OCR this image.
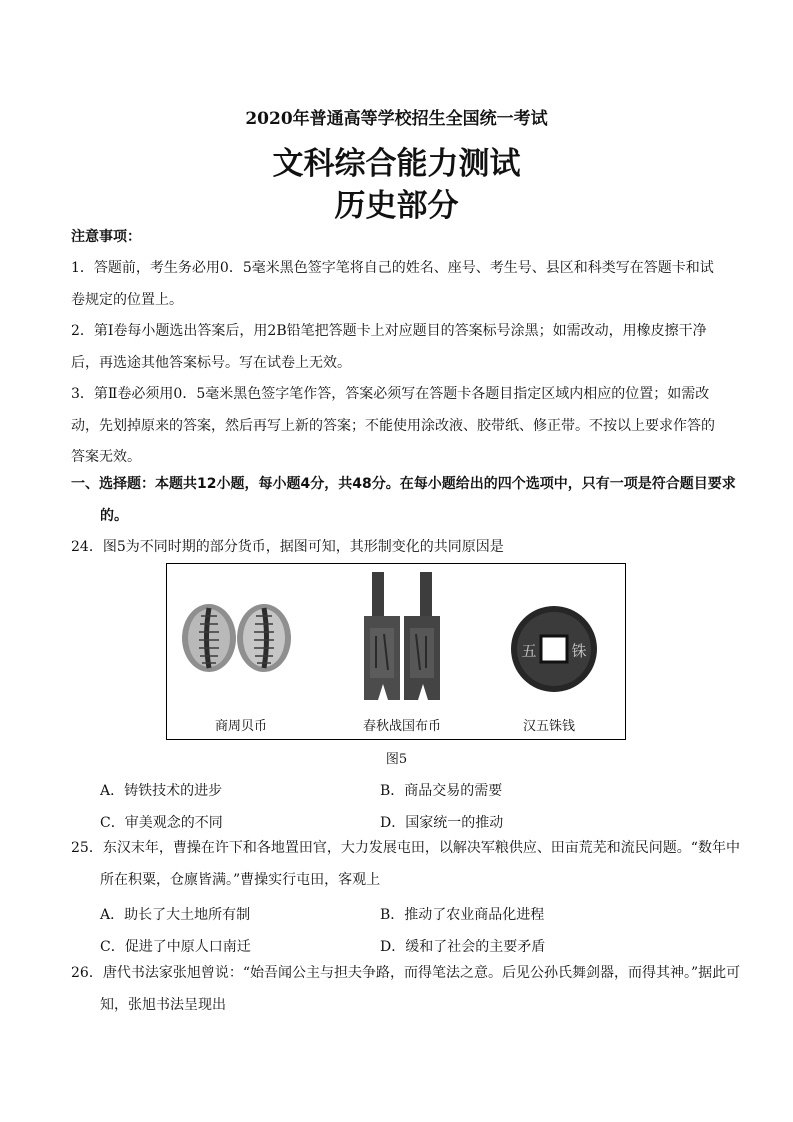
2020年普通高等学校招生全国统一考试
文科综合能力测试
历史部分
注意事项：
1．答题前，考生务必用0．5毫米黑色签字笔将自己的姓名、座号、考生号、县区和科类写在答题卡和试卷规定的位置上。
2．第Ⅰ卷每小题选出答案后，用2B铅笔把答题卡上对应题目的答案标号涂黑；如需改动，用橡皮擦干净后，再选途其他答案标号。写在试卷上无效。
3．第Ⅱ卷必须用0．5毫米黑色签字笔作答，答案必须写在答题卡各题目指定区域内相应的位置；如需改动，先划掉原来的答案，然后再写上新的答案；不能使用涂改液、胶带纸、修正带。不按以上要求作答的答案无效。
一、选择题：本题共12小题，每小题4分，共48分。在每小题给出的四个选项中，只有一项是符合题目要求的。
24．图5为不同时期的部分货币，据图可知，其形制变化的共同原因是
五 铢
商周贝币	春秋战国布币	汉五铢钱
图5
A．铸铁技术的进步	B．商品交易的需要
C．审美观念的不同	D．国家统一的推动
25．东汉末年，曹操在许下和各地置田官，大力发展屯田，以解决军粮供应、田亩荒芜和流民问题。“数年中所在积粟，仓廪皆满。”曹操实行屯田，客观上
A．助长了大土地所有制	B．推动了农业商品化进程
C．促进了中原人口南迁	D．缓和了社会的主要矛盾
26．唐代书法家张旭曾说：“始吾闻公主与担夫争路，而得笔法之意。后见公孙氏舞剑器，而得其神。”据此可知，张旭书法呈现出
